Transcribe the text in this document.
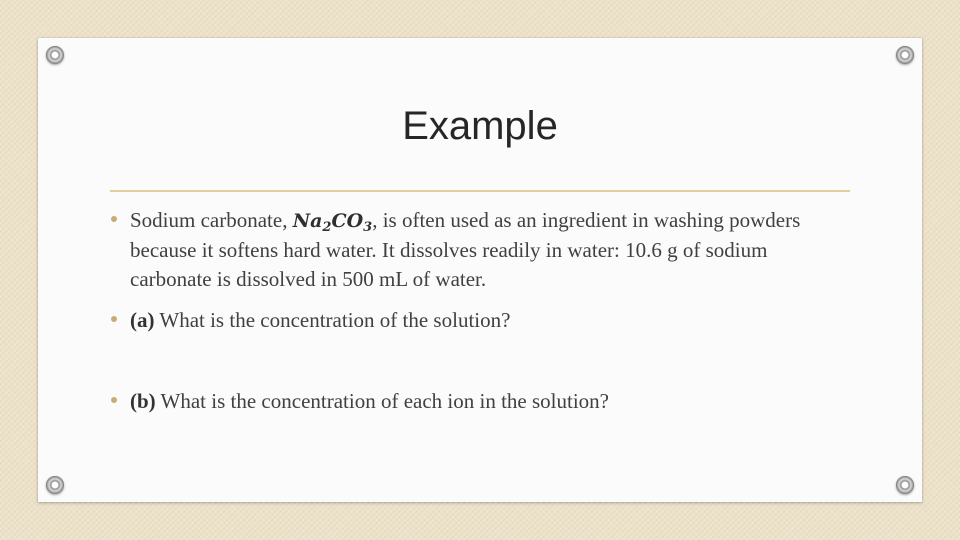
Example
Sodium carbonate, $Na_2CO_3$, is often used as an ingredient in washing powders because it softens hard water. It dissolves readily in water: 10.6 g of sodium carbonate is dissolved in 500 mL of water.
(a) What is the concentration of the solution?
(b) What is the concentration of each ion in the solution?
